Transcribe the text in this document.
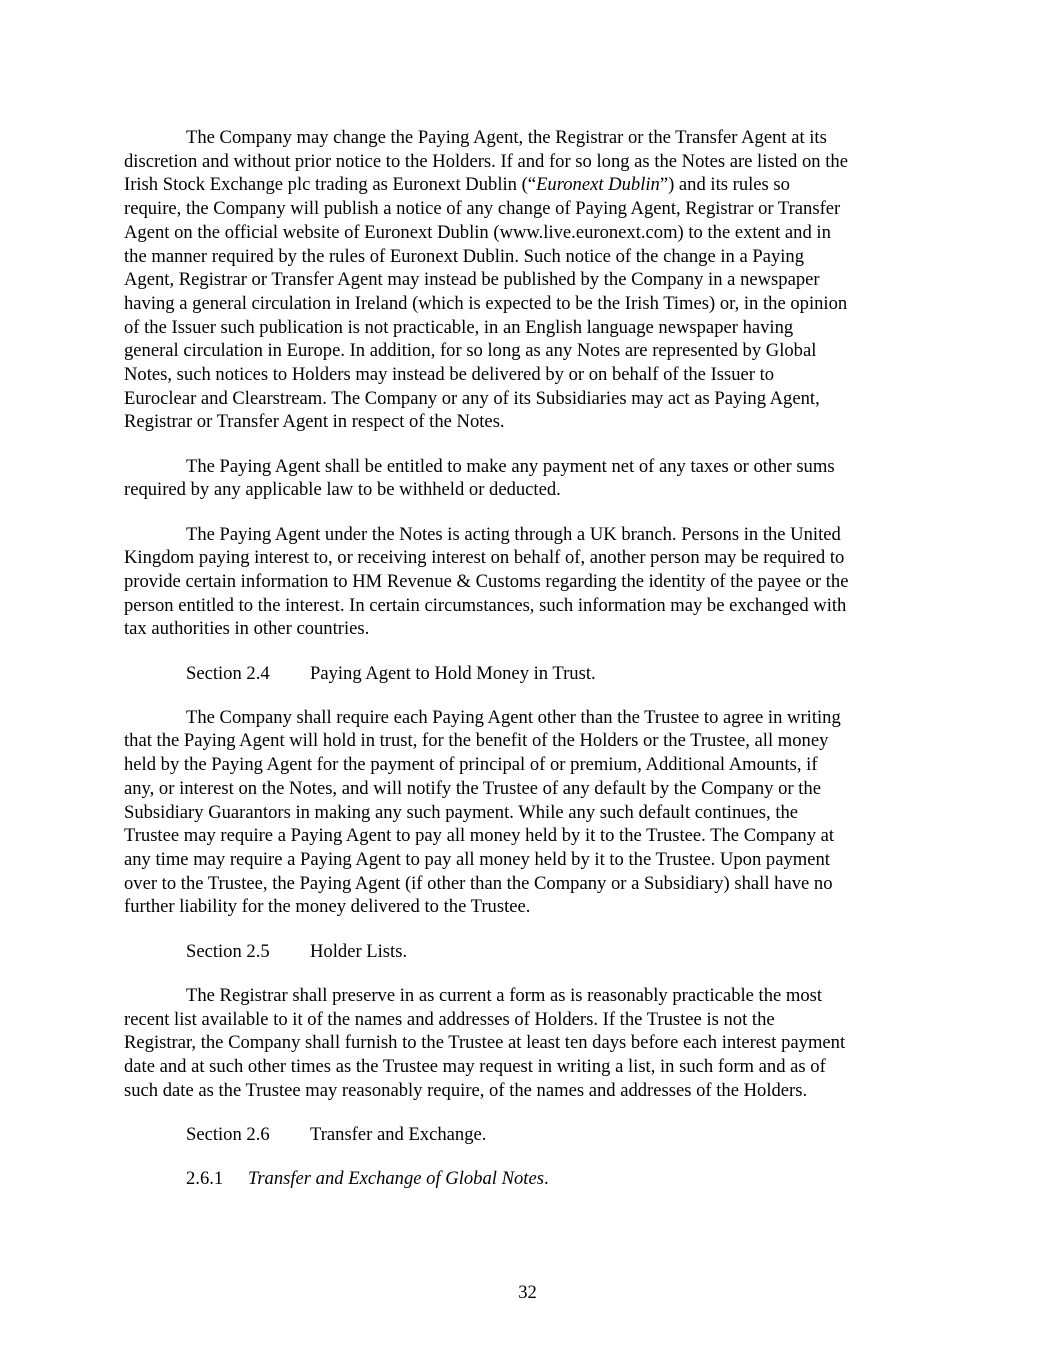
The Company may change the Paying Agent, the Registrar or the Transfer Agent at its
discretion and without prior notice to the Holders. If and for so long as the Notes are listed on the
Irish Stock Exchange plc trading as Euronext Dublin (“Euronext Dublin”) and its rules so
require, the Company will publish a notice of any change of Paying Agent, Registrar or Transfer
Agent on the official website of Euronext Dublin (www.live.euronext.com) to the extent and in
the manner required by the rules of Euronext Dublin. Such notice of the change in a Paying
Agent, Registrar or Transfer Agent may instead be published by the Company in a newspaper
having a general circulation in Ireland (which is expected to be the Irish Times) or, in the opinion
of the Issuer such publication is not practicable, in an English language newspaper having
general circulation in Europe. In addition, for so long as any Notes are represented by Global
Notes, such notices to Holders may instead be delivered by or on behalf of the Issuer to
Euroclear and Clearstream. The Company or any of its Subsidiaries may act as Paying Agent,
Registrar or Transfer Agent in respect of the Notes.

The Paying Agent shall be entitled to make any payment net of any taxes or other sums
required by any applicable law to be withheld or deducted.

The Paying Agent under the Notes is acting through a UK branch. Persons in the United
Kingdom paying interest to, or receiving interest on behalf of, another person may be required to
provide certain information to HM Revenue & Customs regarding the identity of the payee or the
person entitled to the interest. In certain circumstances, such information may be exchanged with
tax authorities in other countries.

Section 2.4 Paying Agent to Hold Money in Trust.

The Company shall require each Paying Agent other than the Trustee to agree in writing
that the Paying Agent will hold in trust, for the benefit of the Holders or the Trustee, all money
held by the Paying Agent for the payment of principal of or premium, Additional Amounts, if
any, or interest on the Notes, and will notify the Trustee of any default by the Company or the
Subsidiary Guarantors in making any such payment. While any such default continues, the
Trustee may require a Paying Agent to pay all money held by it to the Trustee. The Company at
any time may require a Paying Agent to pay all money held by it to the Trustee. Upon payment
over to the Trustee, the Paying Agent (if other than the Company or a Subsidiary) shall have no
further liability for the money delivered to the Trustee.

Section 2.5 Holder Lists.

The Registrar shall preserve in as current a form as is reasonably practicable the most
recent list available to it of the names and addresses of Holders. If the Trustee is not the
Registrar, the Company shall furnish to the Trustee at least ten days before each interest payment
date and at such other times as the Trustee may request in writing a list, in such form and as of
such date as the Trustee may reasonably require, of the names and addresses of the Holders.

Section 2.6 Transfer and Exchange.
2.6.1 Transfer and Exchange of Global Notes.
32
